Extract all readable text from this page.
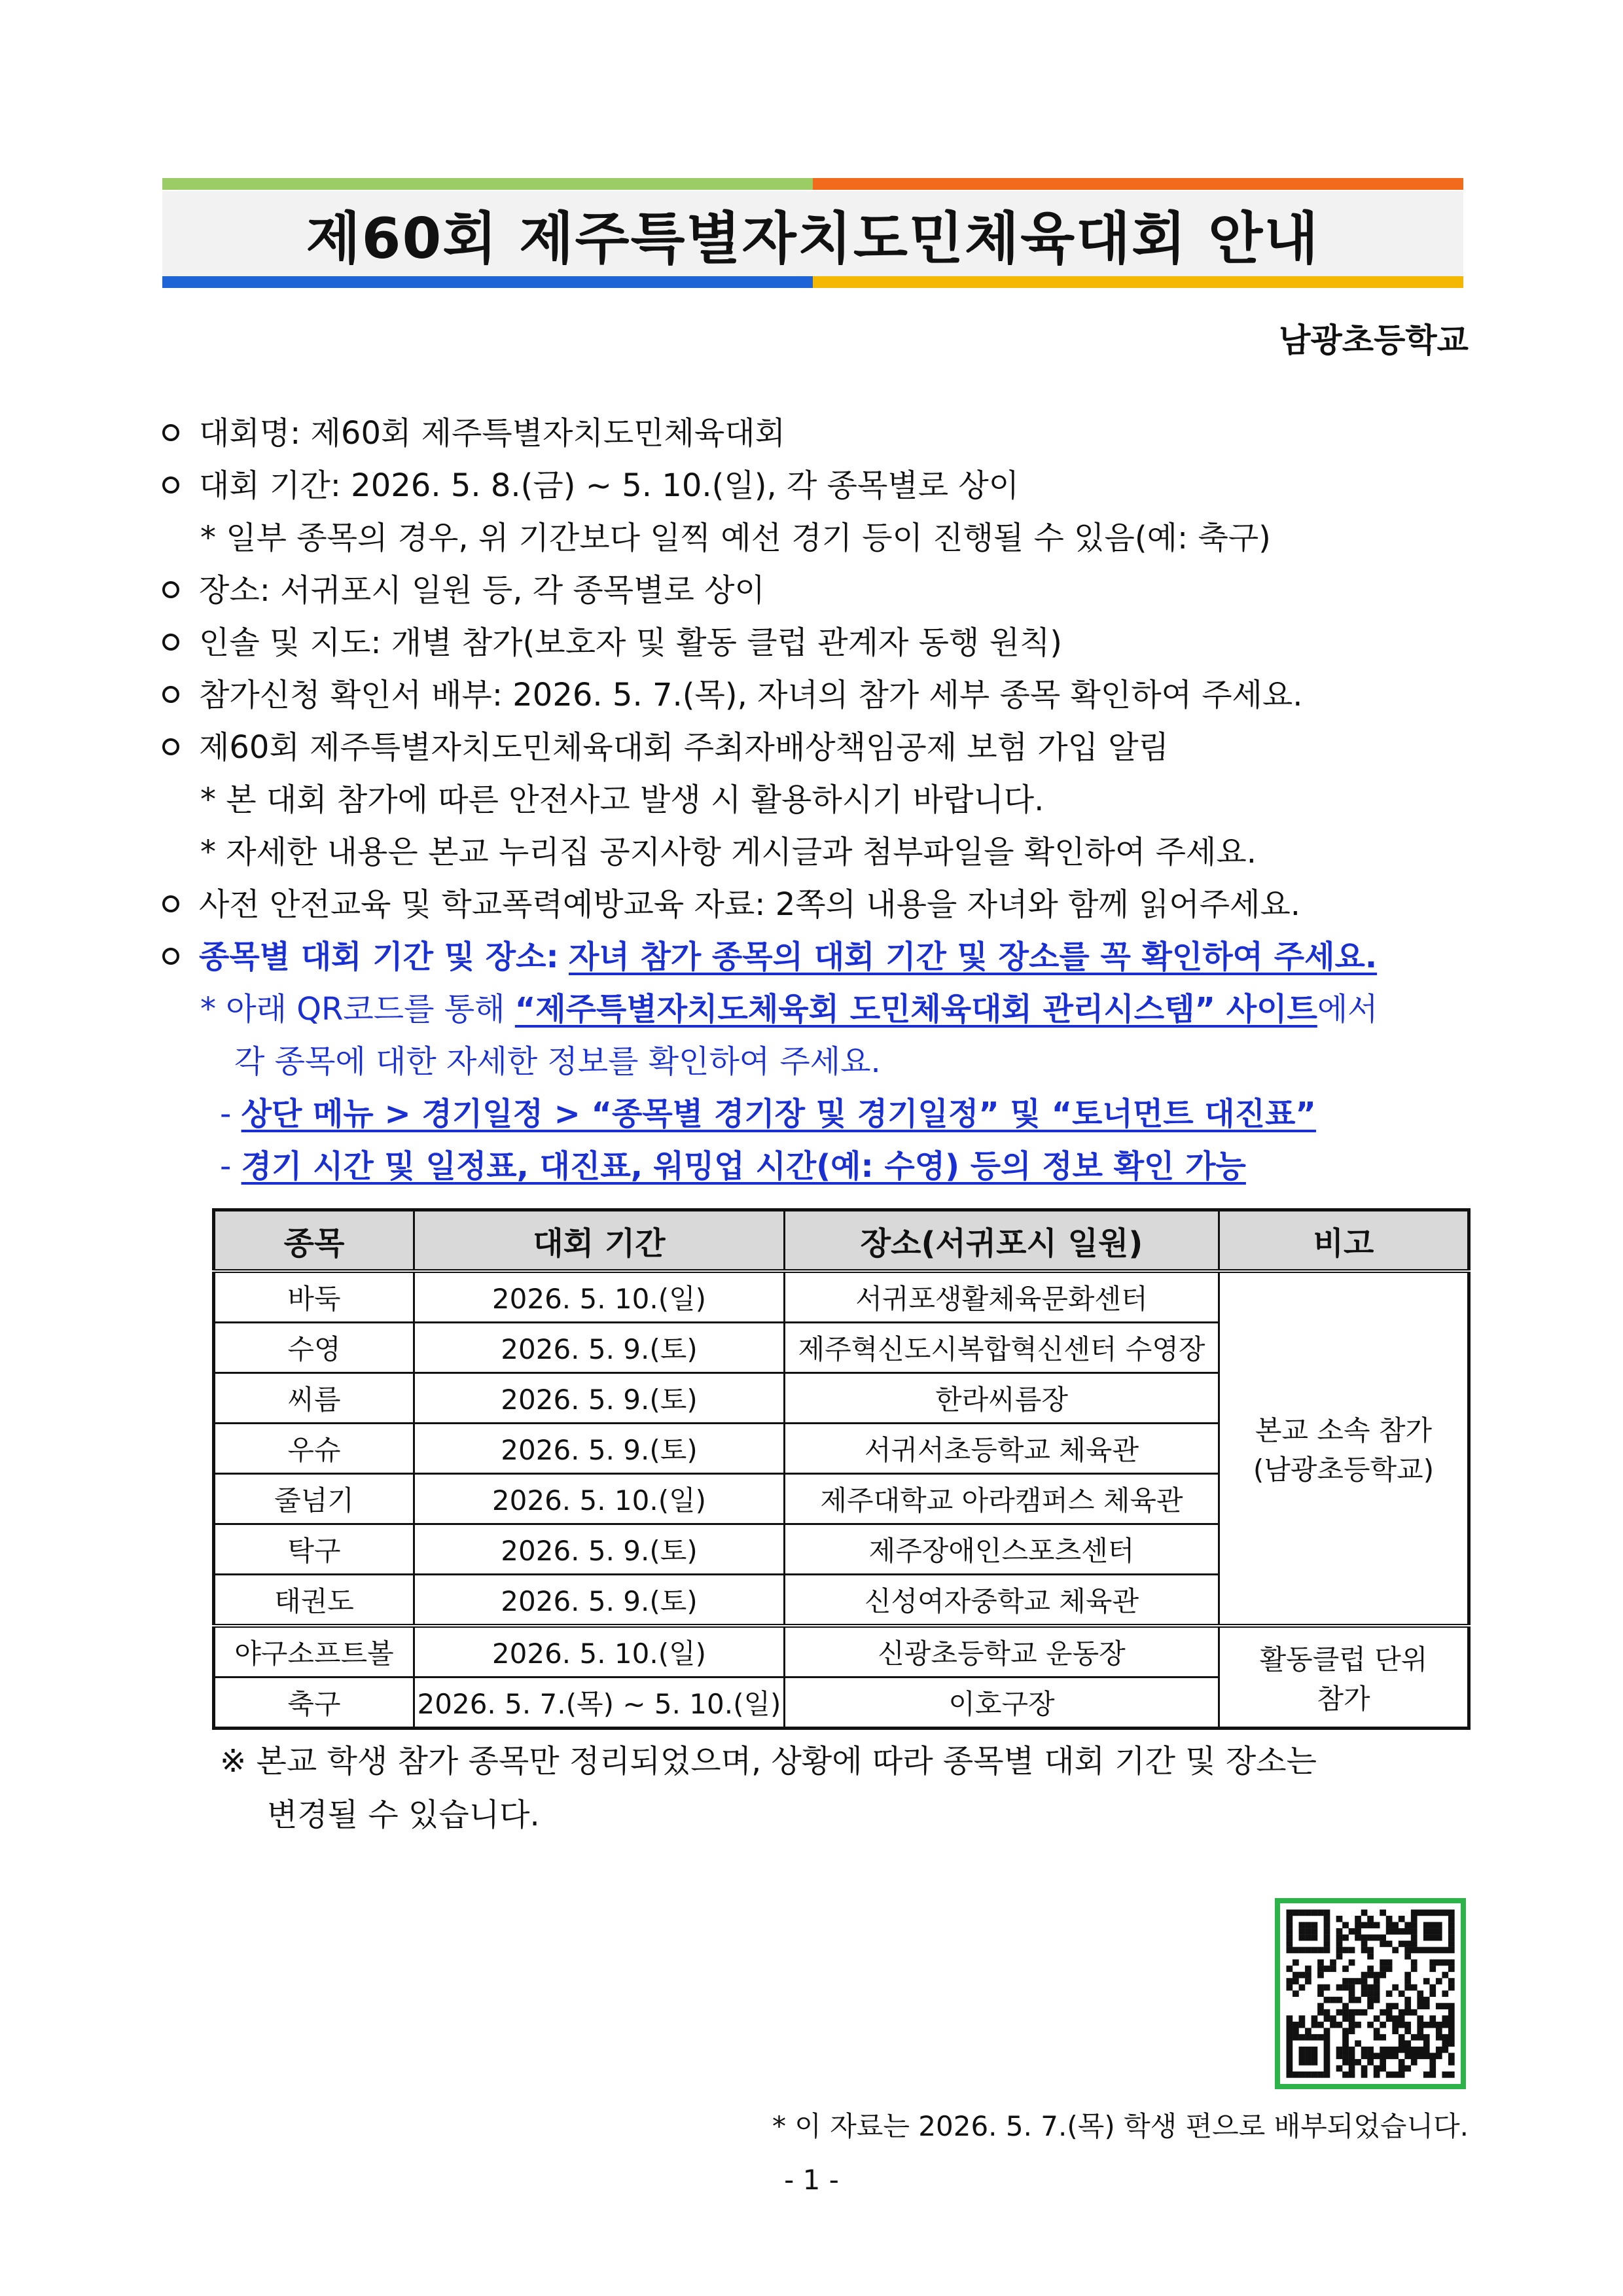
제60회 제주특별자치도민체육대회 안내
남광초등학교
대회명: 제60회 제주특별자치도민체육대회
대회 기간: 2026. 5. 8.(금) ~ 5. 10.(일), 각 종목별로 상이
* 일부 종목의 경우, 위 기간보다 일찍 예선 경기 등이 진행될 수 있음(예: 축구)
장소: 서귀포시 일원 등, 각 종목별로 상이
인솔 및 지도: 개별 참가(보호자 및 활동 클럽 관계자 동행 원칙)
참가신청 확인서 배부: 2026. 5. 7.(목), 자녀의 참가 세부 종목 확인하여 주세요.
제60회 제주특별자치도민체육대회 주최자배상책임공제 보험 가입 알림
* 본 대회 참가에 따른 안전사고 발생 시 활용하시기 바랍니다.
* 자세한 내용은 본교 누리집 공지사항 게시글과 첨부파일을 확인하여 주세요.
사전 안전교육 및 학교폭력예방교육 자료: 2쪽의 내용을 자녀와 함께 읽어주세요.
종목별 대회 기간 및 장소: 자녀 참가 종목의 대회 기간 및 장소를 꼭 확인하여 주세요.
* 아래 QR코드를 통해 “제주특별자치도체육회 도민체육대회 관리시스템” 사이트에서
각 종목에 대한 자세한 정보를 확인하여 주세요.
- 상단 메뉴 > 경기일정 > “종목별 경기장 및 경기일정” 및 “토너먼트 대진표”
- 경기 시간 및 일정표, 대진표, 워밍업 시간(예: 수영) 등의 정보 확인 가능
종목	대회 기간	장소(서귀포시 일원)	비고
바둑	2026. 5. 10.(일)	서귀포생활체육문화센터	본교 소속 참가
(남광초등학교)

수영	2026. 5. 9.(토)	제주혁신도시복합혁신센터 수영장	
씨름	2026. 5. 9.(토)	한라씨름장	
우슈	2026. 5. 9.(토)	서귀서초등학교 체육관	
줄넘기	2026. 5. 10.(일)	제주대학교 아라캠퍼스 체육관	
탁구	2026. 5. 9.(토)	제주장애인스포츠센터	
태권도	2026. 5. 9.(토)	신성여자중학교 체육관	
야구소프트볼	2026. 5. 10.(일)	신광초등학교 운동장	활동클럽 단위
참가

축구	2026. 5. 7.(목) ~ 5. 10.(일)	이호구장	
※ 본교 학생 참가 종목만 정리되었으며, 상황에 따라 종목별 대회 기간 및 장소는
변경될 수 있습니다.
* 이 자료는 2026. 5. 7.(목) 학생 편으로 배부되었습니다.
- 1 -
